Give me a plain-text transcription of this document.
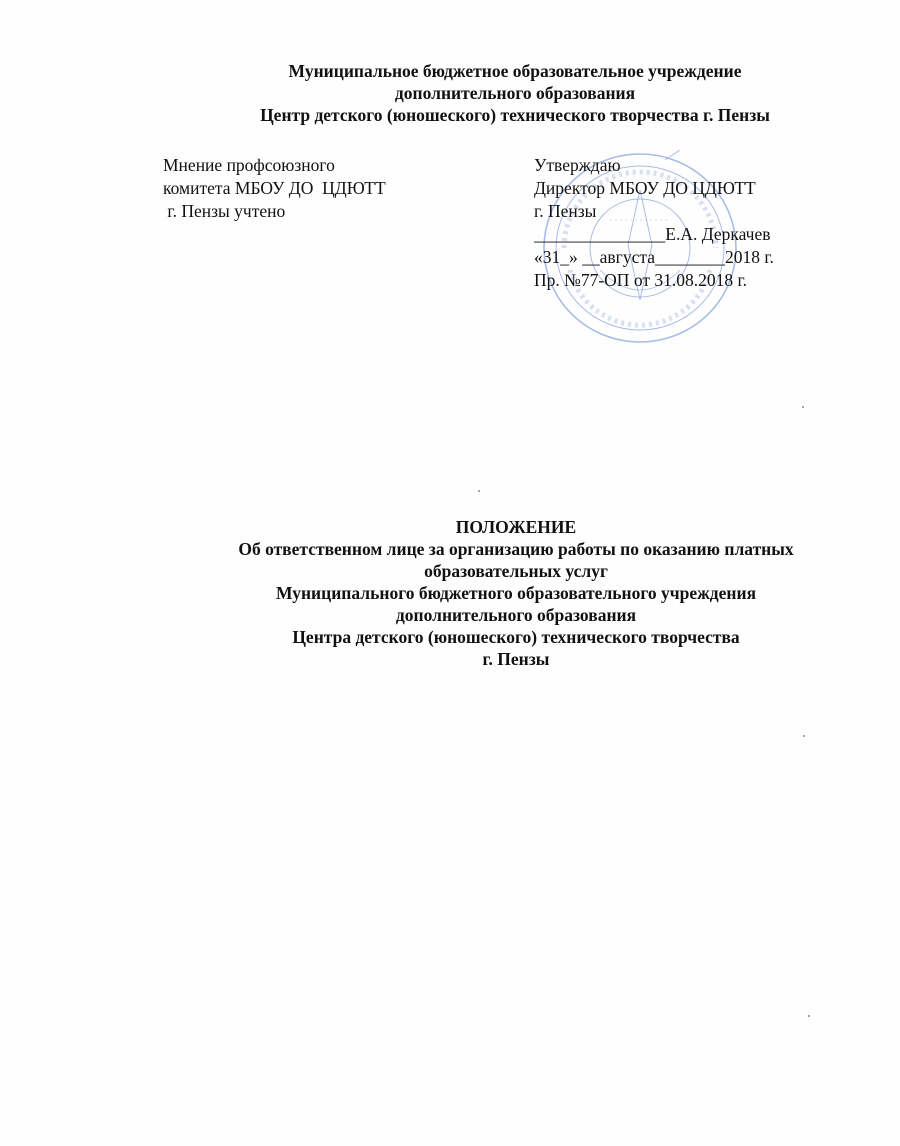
Муниципальное бюджетное образовательное учреждение
дополнительного образования
Центр детского (юношеского) технического творчества г. Пензы
Мнение профсоюзного
комитета МБОУ ДО  ЦДЮТТ
г. Пензы учтено
Утверждаю
Директор МБОУ ДО ЦДЮТТ
г. Пензы
_______________Е.А. Деркачев
«31_» __августа________2018 г.
Пр. №77-ОП от 31.08.2018 г.
ПОЛОЖЕНИЕ
Об ответственном лице за организацию работы по оказанию платных
образовательных услуг
Муниципального бюджетного образовательного учреждения
дополнительного образования
Центра детского (юношеского) технического творчества
г. Пензы
